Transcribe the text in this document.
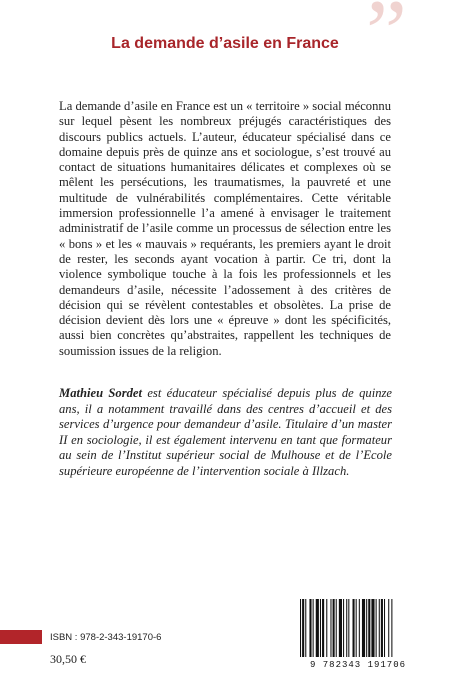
”
La demande d’asile en France

La demande d’asile en France est un « territoire » social méconnu sur lequel pèsent les nombreux préjugés caractéristiques des discours publics actuels. L’auteur, éducateur spécialisé dans ce domaine depuis près de quinze ans et sociologue, s’est trouvé au contact de situations humanitaires délicates et complexes où se mêlent les persécutions, les traumatismes, la pauvreté et une multitude de vulnérabilités complémentaires. Cette véritable immersion professionnelle l’a amené à envisager le traitement administratif de l’asile comme un processus de sélection entre les « bons » et les « mauvais » requérants, les premiers ayant le droit de rester, les seconds ayant vocation à partir. Ce tri, dont la violence symbolique touche à la fois les professionnels et les demandeurs d’asile, nécessite l’adossement à des critères de décision qui se révèlent contestables et obsolètes. La prise de décision devient dès lors une « épreuve » dont les spécificités, aussi bien concrètes qu’abstraites, rappellent les techniques de soumission issues de la religion.

Mathieu Sordet est éducateur spécialisé depuis plus de quinze ans, il a notamment travaillé dans des centres d’accueil et des services d’urgence pour demandeur d’asile. Titulaire d’un master II en sociologie, il est également intervenu en tant que formateur au sein de l’Institut supérieur social de Mulhouse et de l’Ecole supérieure européenne de l’intervention sociale à Illzach.

ISBN : 978-2-343-19170-6
30,50 €	9 782343 191706
